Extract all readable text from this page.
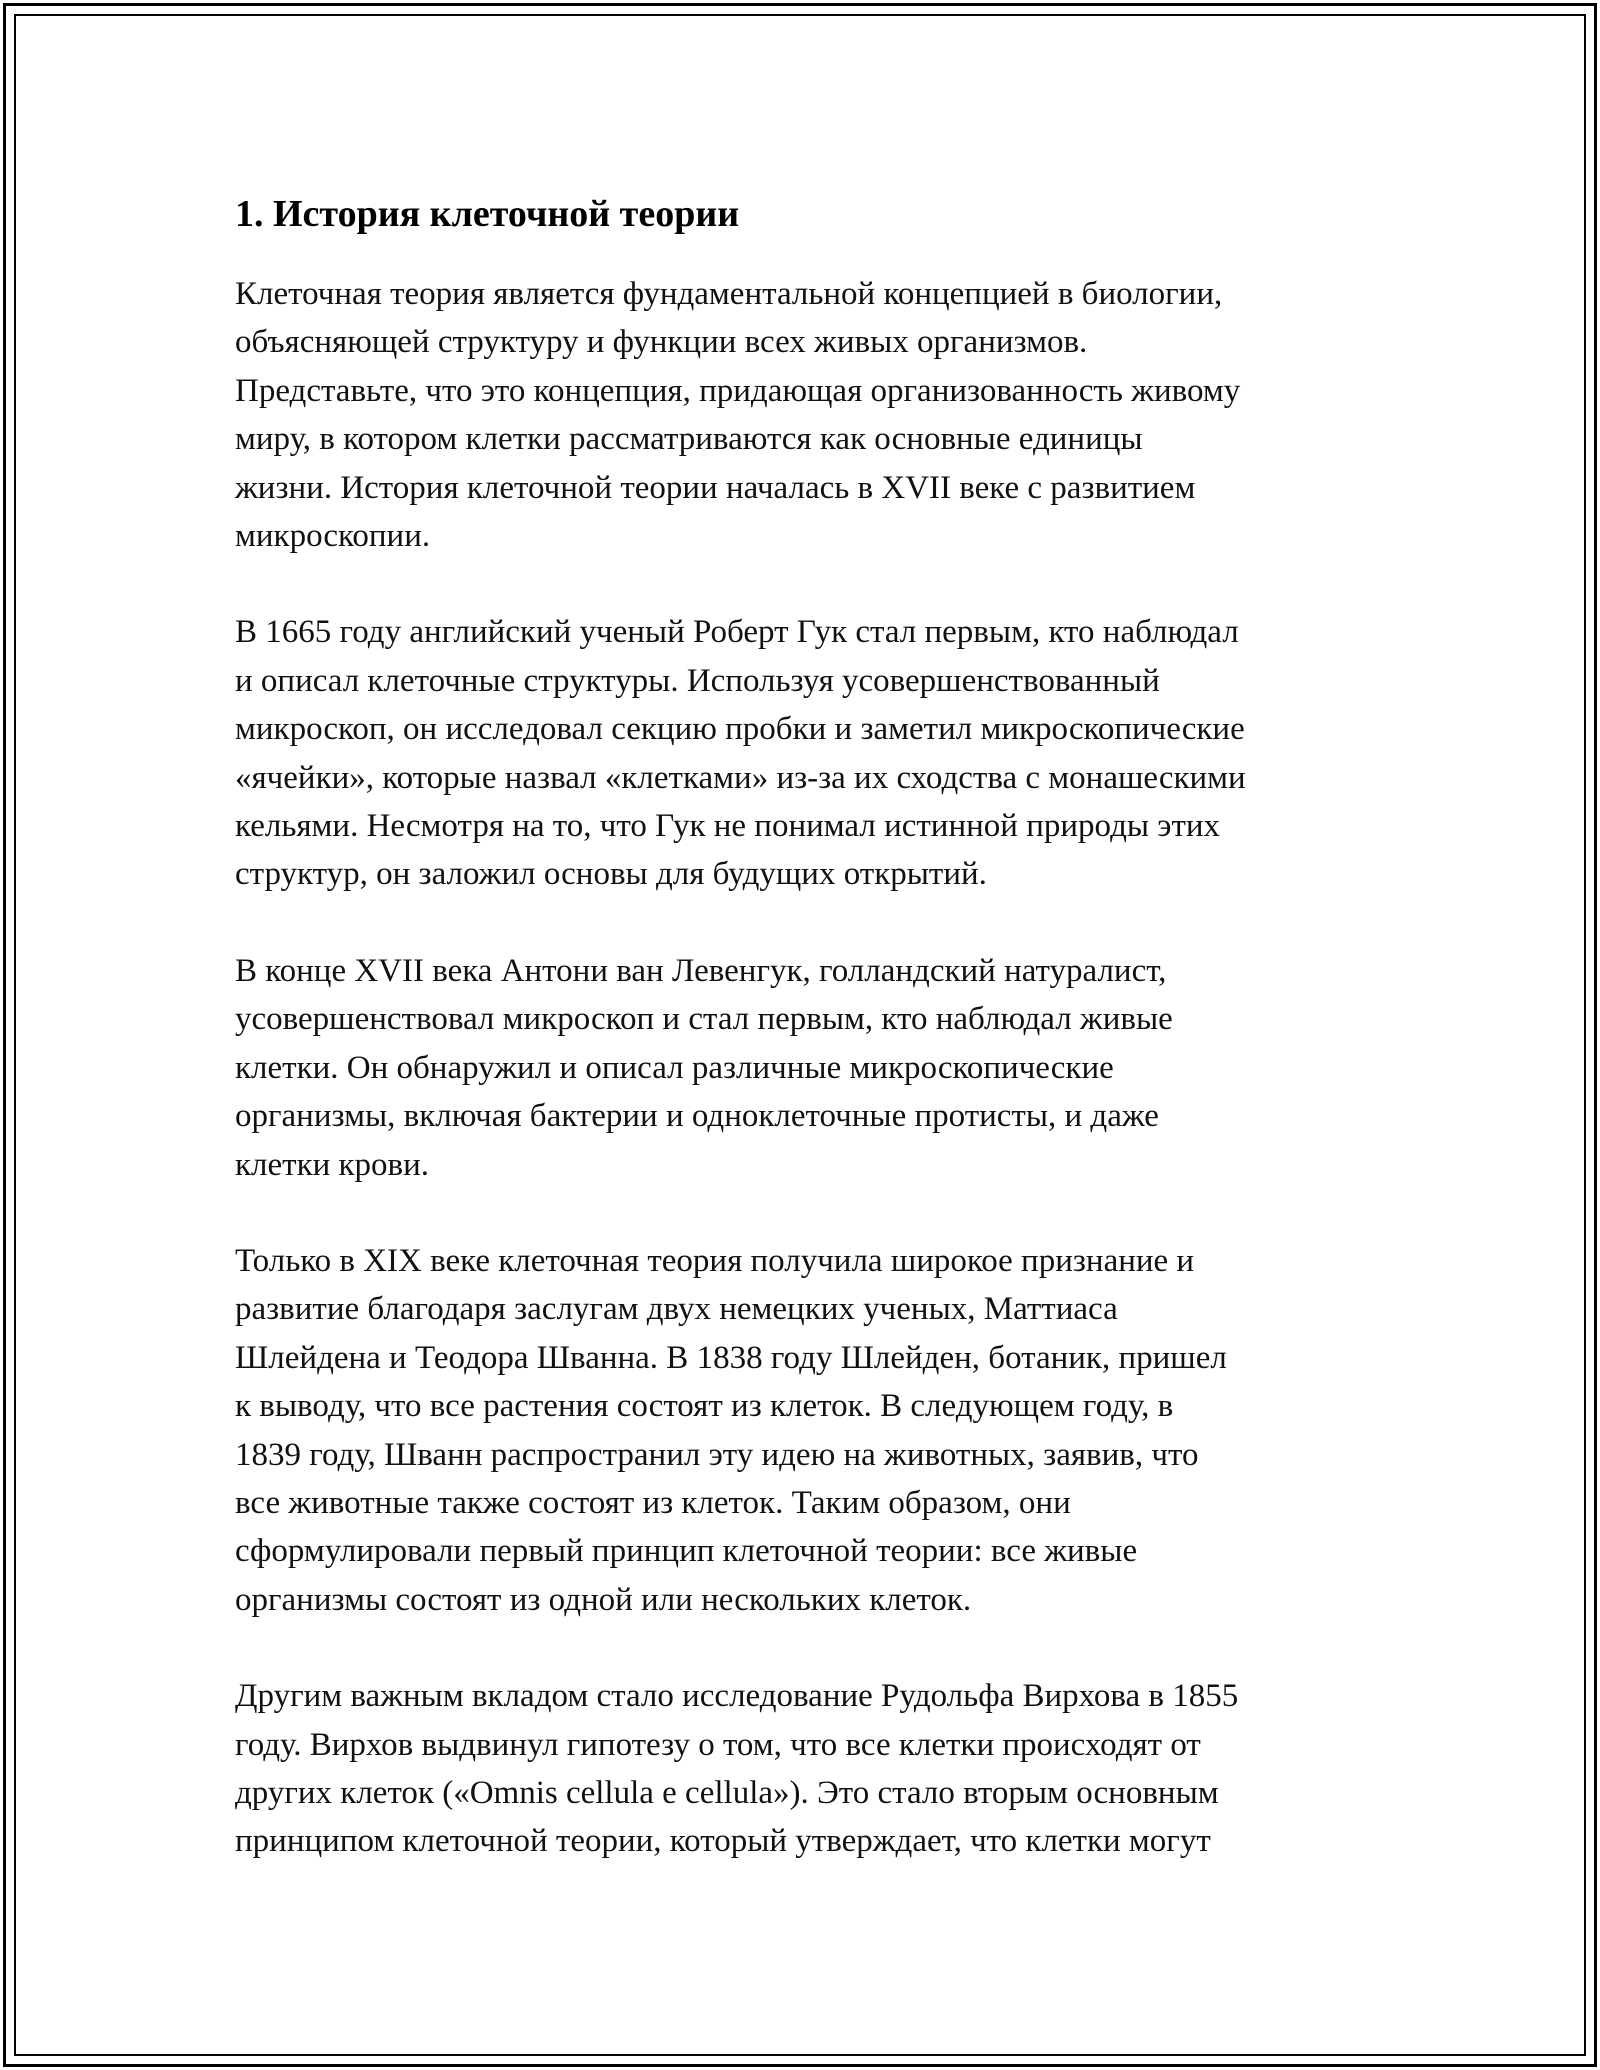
1. История клеточной теории
Клеточная теория является фундаментальной концепцией в биологии,
объясняющей структуру и функции всех живых организмов.
Представьте, что это концепция, придающая организованность живому
миру, в котором клетки рассматриваются как основные единицы
жизни. История клеточной теории началась в XVII веке с развитием
микроскопии.
В 1665 году английский ученый Роберт Гук стал первым, кто наблюдал
и описал клеточные структуры. Используя усовершенствованный
микроскоп, он исследовал секцию пробки и заметил микроскопические
«ячейки», которые назвал «клетками» из-за их сходства с монашескими
кельями. Несмотря на то, что Гук не понимал истинной природы этих
структур, он заложил основы для будущих открытий.
В конце XVII века Антони ван Левенгук, голландский натуралист,
усовершенствовал микроскоп и стал первым, кто наблюдал живые
клетки. Он обнаружил и описал различные микроскопические
организмы, включая бактерии и одноклеточные протисты, и даже
клетки крови.
Только в XIX веке клеточная теория получила широкое признание и
развитие благодаря заслугам двух немецких ученых, Маттиаса
Шлейдена и Теодора Шванна. В 1838 году Шлейден, ботаник, пришел
к выводу, что все растения состоят из клеток. В следующем году, в
1839 году, Шванн распространил эту идею на животных, заявив, что
все животные также состоят из клеток. Таким образом, они
сформулировали первый принцип клеточной теории: все живые
организмы состоят из одной или нескольких клеток.
Другим важным вкладом стало исследование Рудольфа Вирхова в 1855
году. Вирхов выдвинул гипотезу о том, что все клетки происходят от
других клеток («Omnis cellula e cellula»). Это стало вторым основным
принципом клеточной теории, который утверждает, что клетки могут
